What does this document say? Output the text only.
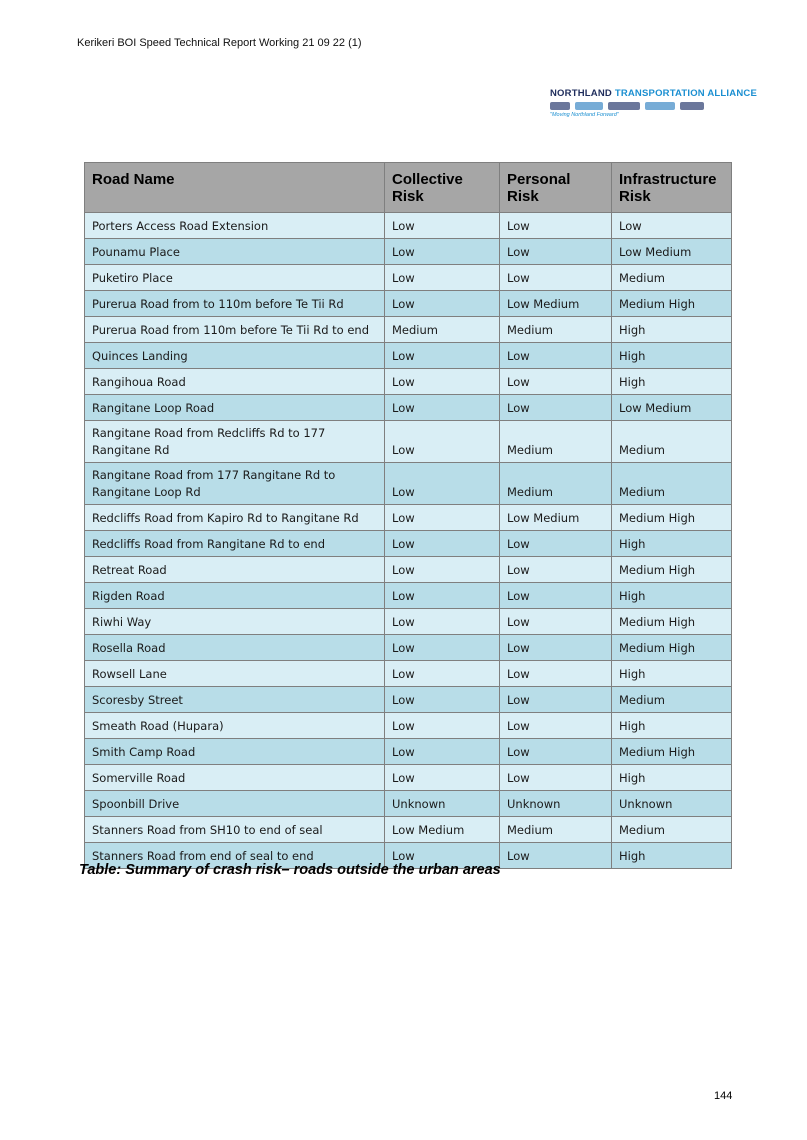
Kerikeri BOI Speed Technical Report Working 21 09 22 (1)
NORTHLAND TRANSPORTATION ALLIANCE
"Moving Northland Forward"
Road Name	Collective Risk	Personal Risk	Infrastructure Risk
Porters Access Road Extension	Low	Low	Low
Pounamu Place	Low	Low	Low Medium
Puketiro Place	Low	Low	Medium
Purerua Road from to 110m before Te Tii Rd	Low	Low Medium	Medium High
Purerua Road from 110m before Te Tii Rd to end	Medium	Medium	High
Quinces Landing	Low	Low	High
Rangihoua Road	Low	Low	High
Rangitane Loop Road	Low	Low	Low Medium
Rangitane Road from Redcliffs Rd to 177 Rangitane Rd	Low	Medium	Medium
Rangitane Road from 177 Rangitane Rd to Rangitane Loop Rd	Low	Medium	Medium
Redcliffs Road from Kapiro Rd to Rangitane Rd	Low	Low Medium	Medium High
Redcliffs Road from Rangitane Rd to end	Low	Low	High
Retreat Road	Low	Low	Medium High
Rigden Road	Low	Low	High
Riwhi Way	Low	Low	Medium High
Rosella Road	Low	Low	Medium High
Rowsell Lane	Low	Low	High
Scoresby Street	Low	Low	Medium
Smeath Road (Hupara)	Low	Low	High
Smith Camp Road	Low	Low	Medium High
Somerville Road	Low	Low	High
Spoonbill Drive	Unknown	Unknown	Unknown
Stanners Road from SH10 to end of seal	Low Medium	Medium	Medium
Stanners Road from end of seal to end	Low	Low	High
Table: Summary of crash risk– roads outside the urban areas
144
